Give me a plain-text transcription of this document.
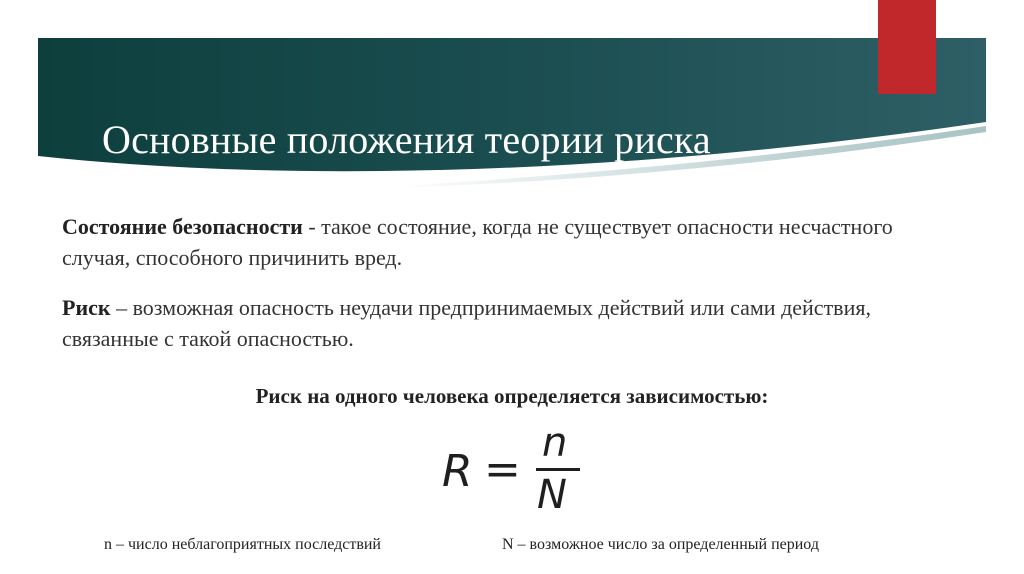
Основные положения теории риска

Состояние безопасности - такое состояние, когда не существует опасности несчастного случая, способного причинить вред.

Риск – возможная опасность неудачи предпринимаемых действий или сами действия, связанные с такой опасностью.

Риск на одного человека определяется зависимостью:

R =
n
N

n – число неблагоприятных последствий	N – возможное число за определенный период
